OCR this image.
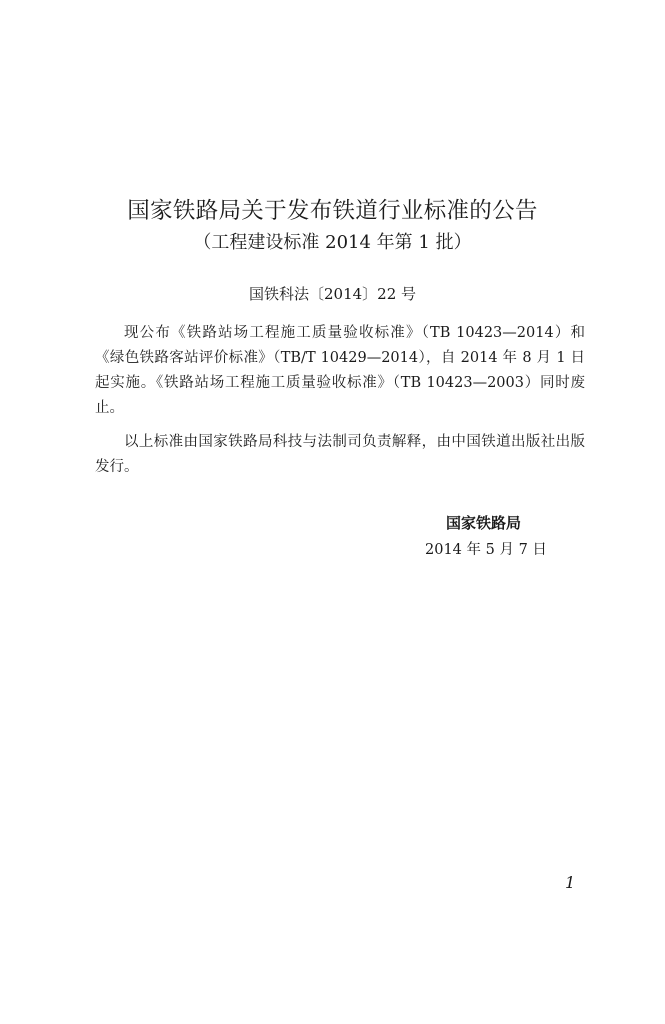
国家铁路局关于发布铁道行业标准的公告
（工程建设标准 2014 年第 1 批）
国铁科法〔2014〕22 号

现公布《铁路站场工程施工质量验收标准》（TB 10423—2014）和《绿色铁路客站评价标准》（TB/T 10429—2014），自 2014 年 8 月 1 日起实施。《铁路站场工程施工质量验收标准》（TB 10423—2003）同时废止。

以上标准由国家铁路局科技与法制司负责解释，由中国铁道出版社出版发行。

国家铁路局
2014 年 5 月 7 日
1
